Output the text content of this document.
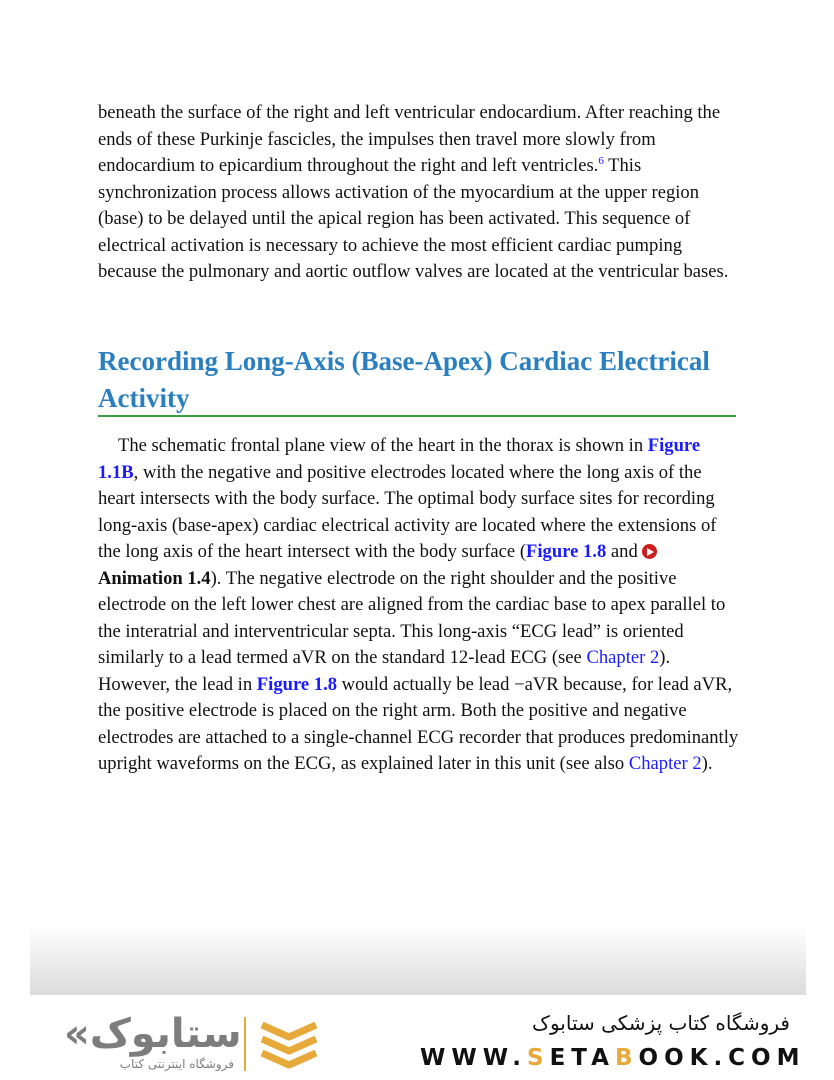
beneath the surface of the right and left ventricular endocardium. After reaching the ends of these Purkinje fascicles, the impulses then travel more slowly from endocardium to epicardium throughout the right and left ventricles.$^6$ This synchronization process allows activation of the myocardium at the upper region (base) to be delayed until the apical region has been activated. This sequence of electrical activation is necessary to achieve the most efficient cardiac pumping because the pulmonary and aortic outflow valves are located at the ventricular bases.

Recording Long-Axis (Base-Apex) Cardiac Electrical Activity

The schematic frontal plane view of the heart in the thorax is shown in Figure 1.1B, with the negative and positive electrodes located where the long axis of the heart intersects with the body surface. The optimal body surface sites for recording long-axis (base-apex) cardiac electrical activity are located where the extensions of the long axis of the heart intersect with the body surface (Figure 1.8 and Animation 1.4). The negative electrode on the right shoulder and the positive electrode on the left lower chest are aligned from the cardiac base to apex parallel to the interatrial and interventricular septa. This long-axis “ECG lead” is oriented similarly to a lead termed aVR on the standard 12-lead ECG (see Chapter 2). However, the lead in Figure 1.8 would actually be lead −aVR because, for lead aVR, the positive electrode is placed on the right arm. Both the positive and negative electrodes are attached to a single-channel ECG recorder that produces predominantly upright waveforms on the ECG, as explained later in this unit (see also Chapter 2).

«ستابوک
فروشگاه اینترنتی کتاب
فروشگاه کتاب پزشکی ستابوک
WWW.SETABOOK.COM
